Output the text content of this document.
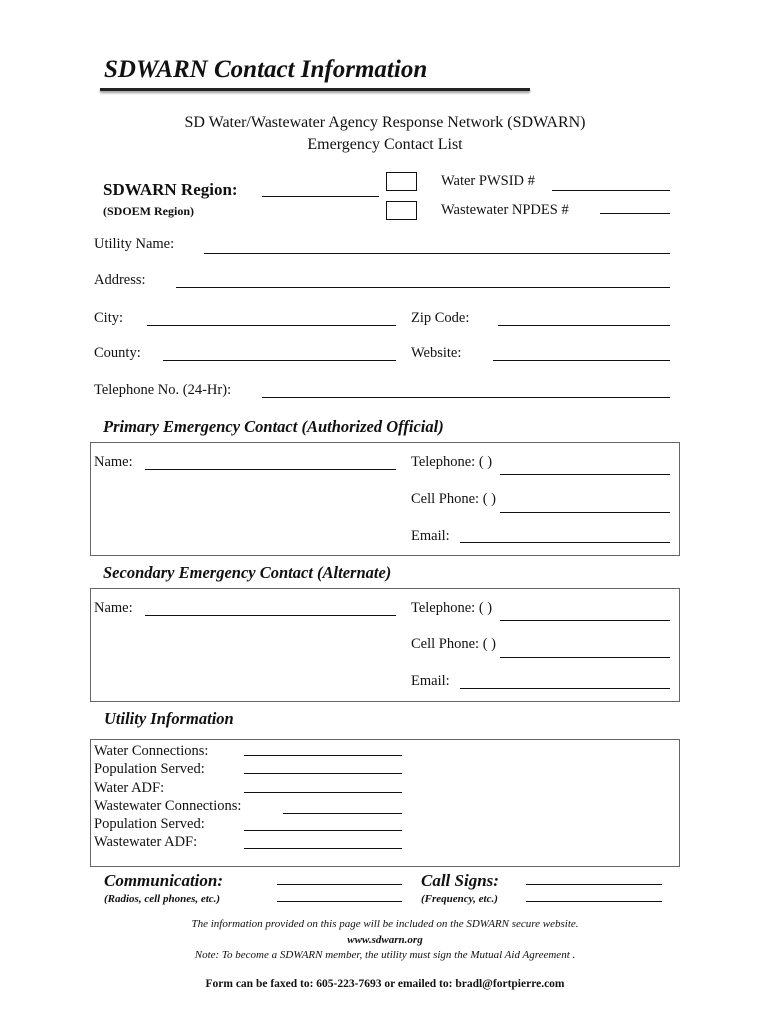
SDWARN Contact Information
SD Water/Wastewater Agency Response Network (SDWARN)
Emergency Contact List
SDWARN Region:
(SDOEM Region)
Water PWSID #
Wastewater NPDES #
Utility Name:
Address:
City:	Zip Code:
County:	Website:
Telephone No. (24-Hr):
Primary Emergency Contact (Authorized Official)
Name:	Telephone: ( )
Cell Phone: ( )
Email:
Secondary Emergency Contact (Alternate)
Name:	Telephone: ( )
Cell Phone: ( )
Email:
Utility Information
Water Connections:
Population Served:
Water ADF:
Wastewater Connections:
Population Served:
Wastewater ADF:
Communication:
(Radios, cell phones, etc.)
Call Signs:
(Frequency, etc.)
The information provided on this page will be included on the SDWARN secure website.
www.sdwarn.org
Note: To become a SDWARN member, the utility must sign the Mutual Aid Agreement .
Form can be faxed to: 605-223-7693 or emailed to: bradl@fortpierre.com
